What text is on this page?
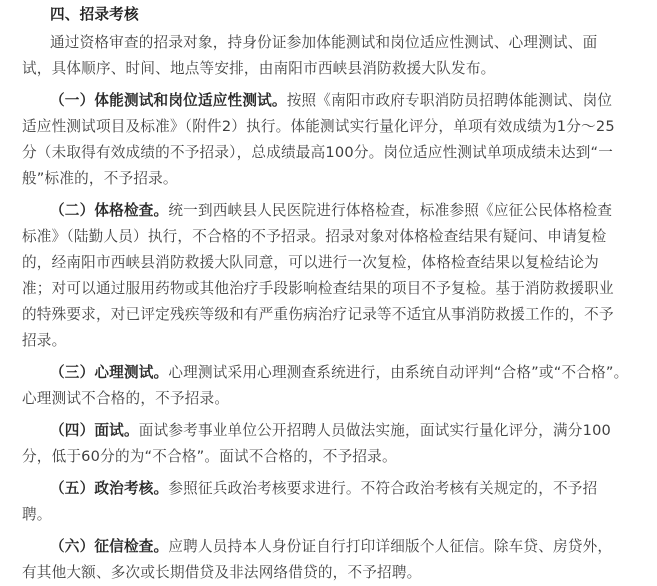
四、招录考核
通过资格审查的招录对象，持身份证参加体能测试和岗位适应性测试、心理测试、面
试，具体顺序、时间、地点等安排，由南阳市西峡县消防救援大队发布。
（一）体能测试和岗位适应性测试。按照《南阳市政府专职消防员招聘体能测试、岗位
适应性测试项目及标准》（附件2）执行。体能测试实行量化评分，单项有效成绩为1分～25
分（未取得有效成绩的不予招录），总成绩最高100分。岗位适应性测试单项成绩未达到“一
般”标准的，不予招录。
（二）体格检查。统一到西峡县人民医院进行体格检查，标准参照《应征公民体格检查
标准》（陆勤人员）执行，不合格的不予招录。招录对象对体格检查结果有疑问、申请复检
的，经南阳市西峡县消防救援大队同意，可以进行一次复检，体格检查结果以复检结论为
准；对可以通过服用药物或其他治疗手段影响检查结果的项目不予复检。基于消防救援职业
的特殊要求，对已评定残疾等级和有严重伤病治疗记录等不适宜从事消防救援工作的，不予
招录。
（三）心理测试。心理测试采用心理测查系统进行，由系统自动评判“合格”或“不合格”。
心理测试不合格的，不予招录。
（四）面试。面试参考事业单位公开招聘人员做法实施，面试实行量化评分，满分100
分，低于60分的为“不合格”。面试不合格的，不予招录。
（五）政治考核。参照征兵政治考核要求进行。不符合政治考核有关规定的，不予招
聘。
（六）征信检查。应聘人员持本人身份证自行打印详细版个人征信。除车贷、房贷外，
有其他大额、多次或长期借贷及非法网络借贷的，不予招聘。
